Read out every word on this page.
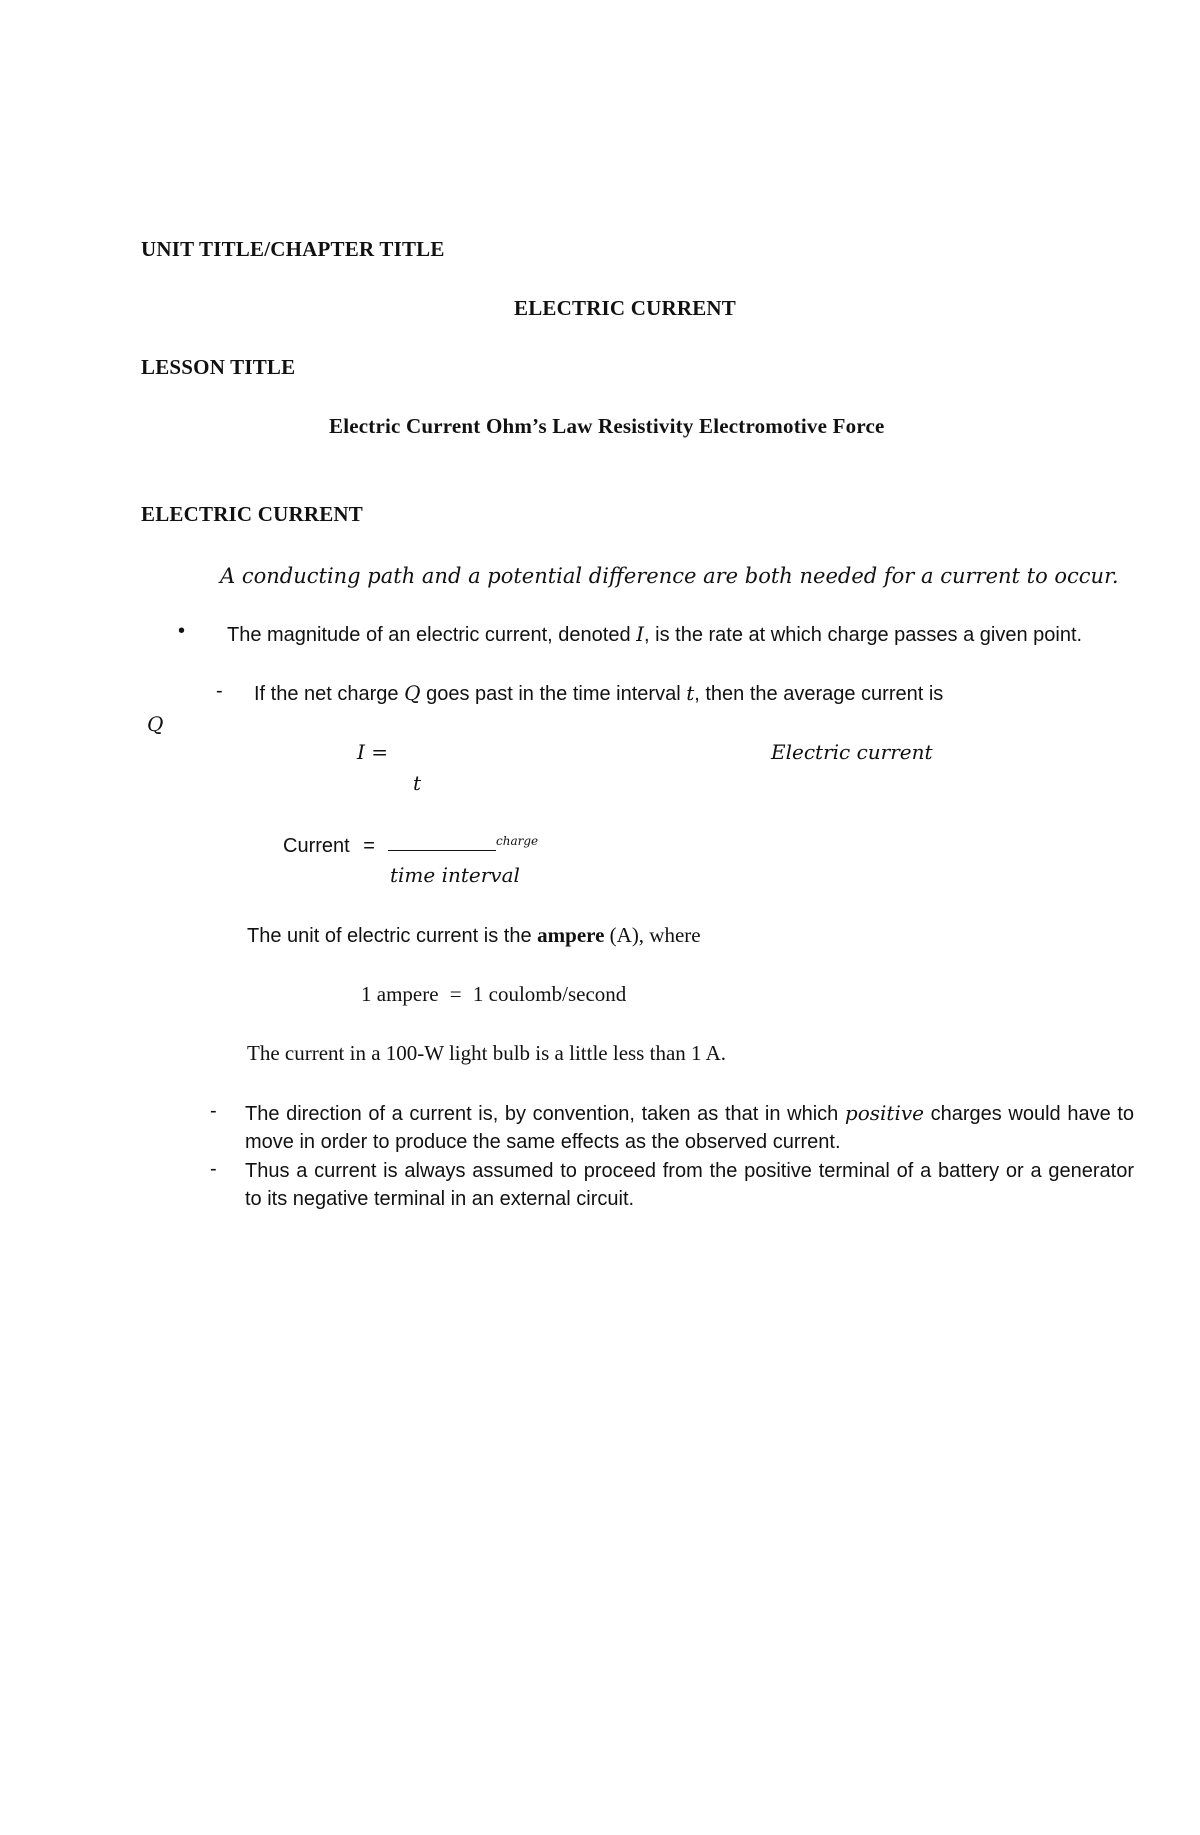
UNIT TITLE/CHAPTER TITLE
ELECTRIC CURRENT
LESSON TITLE
Electric Current Ohm’s Law Resistivity Electromotive Force
ELECTRIC CURRENT
A conducting path and a potential difference are both needed for a current to occur.
• The magnitude of an electric current, denoted I, is the rate at which charge passes a given point.
- If the net charge Q goes past in the time interval t, then the average current is
Q
I =	Electric current
t
Current =	charge
time interval
The unit of electric current is the ampere (A), where
1 ampere = 1 coulomb/second
The current in a 100-W light bulb is a little less than 1 A.
- The direction of a current is, by convention, taken as that in which positive charges would have to move in order to produce the same effects as the observed current.
- Thus a current is always assumed to proceed from the positive terminal of a battery or a generator to its negative terminal in an external circuit.
